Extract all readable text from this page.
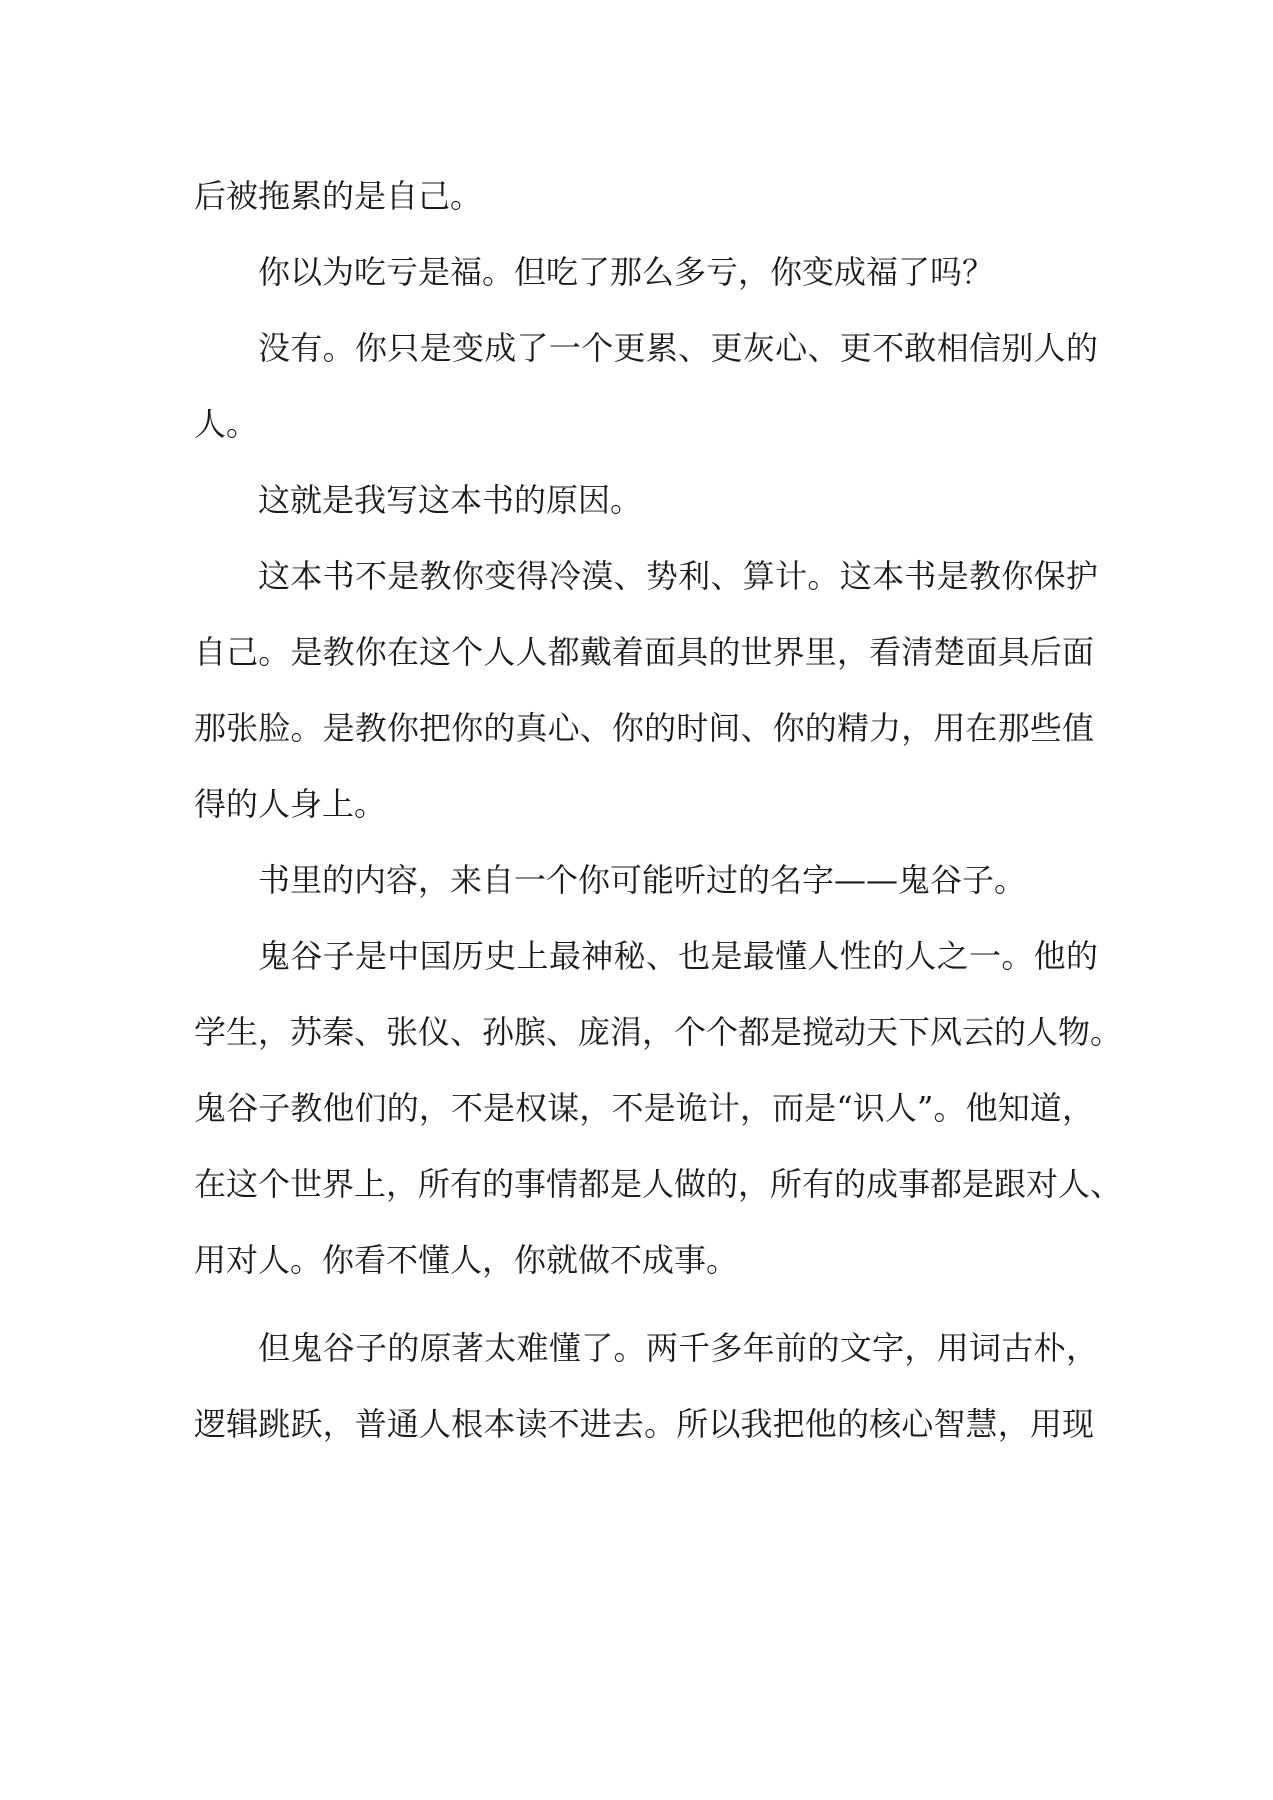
后被拖累的是自己。
你以为吃亏是福。但吃了那么多亏，你变成福了吗？
没有。你只是变成了一个更累、更灰心、更不敢相信别人的
人。
这就是我写这本书的原因。
这本书不是教你变得冷漠、势利、算计。这本书是教你保护
自己。是教你在这个人人都戴着面具的世界里，看清楚面具后面
那张脸。是教你把你的真心、你的时间、你的精力，用在那些值
得的人身上。
书里的内容，来自一个你可能听过的名字——鬼谷子。
鬼谷子是中国历史上最神秘、也是最懂人性的人之一。他的
学生，苏秦、张仪、孙膑、庞涓，个个都是搅动天下风云的人物。
鬼谷子教他们的，不是权谋，不是诡计，而是“识人”。他知道，
在这个世界上，所有的事情都是人做的，所有的成事都是跟对人、
用对人。你看不懂人，你就做不成事。
但鬼谷子的原著太难懂了。两千多年前的文字，用词古朴，
逻辑跳跃，普通人根本读不进去。所以我把他的核心智慧，用现
